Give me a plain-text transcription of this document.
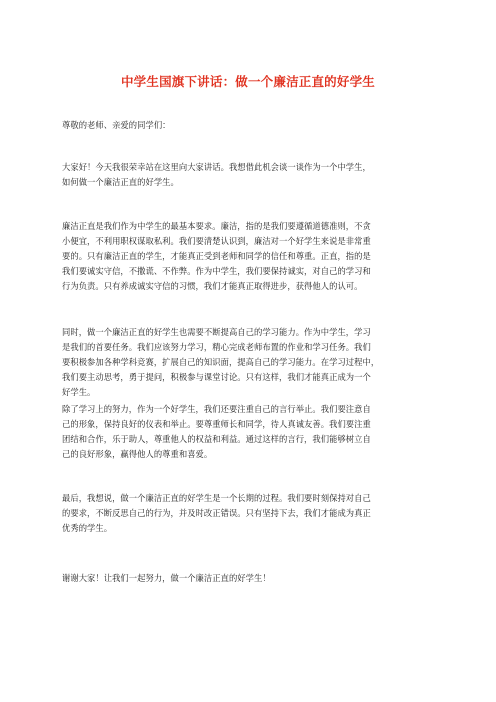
中学生国旗下讲话：做一个廉洁正直的好学生
尊敬的老师、亲爱的同学们：
大家好！今天我很荣幸站在这里向大家讲话。我想借此机会谈一谈作为一个中学生，
如何做一个廉洁正直的好学生。
廉洁正直是我们作为中学生的最基本要求。廉洁，指的是我们要遵循道德准则，不贪
小便宜，不利用职权谋取私利。我们要清楚认识到，廉洁对一个好学生来说是非常重
要的。只有廉洁正直的学生，才能真正受到老师和同学的信任和尊重。正直，指的是
我们要诚实守信，不撒谎、不作弊。作为中学生，我们要保持诚实，对自己的学习和
行为负责。只有养成诚实守信的习惯，我们才能真正取得进步，获得他人的认可。
同时，做一个廉洁正直的好学生也需要不断提高自己的学习能力。作为中学生，学习
是我们的首要任务。我们应该努力学习，精心完成老师布置的作业和学习任务。我们
要积极参加各种学科竞赛，扩展自己的知识面，提高自己的学习能力。在学习过程中，
我们要主动思考，勇于提问，积极参与课堂讨论。只有这样，我们才能真正成为一个
好学生。
除了学习上的努力，作为一个好学生，我们还要注重自己的言行举止。我们要注意自
己的形象，保持良好的仪表和举止。要尊重师长和同学，待人真诚友善。我们要注重
团结和合作，乐于助人，尊重他人的权益和利益。通过这样的言行，我们能够树立自
己的良好形象，赢得他人的尊重和喜爱。
最后，我想说，做一个廉洁正直的好学生是一个长期的过程。我们要时刻保持对自己
的要求，不断反思自己的行为，并及时改正错误。只有坚持下去，我们才能成为真正
优秀的学生。
谢谢大家！让我们一起努力，做一个廉洁正直的好学生！
